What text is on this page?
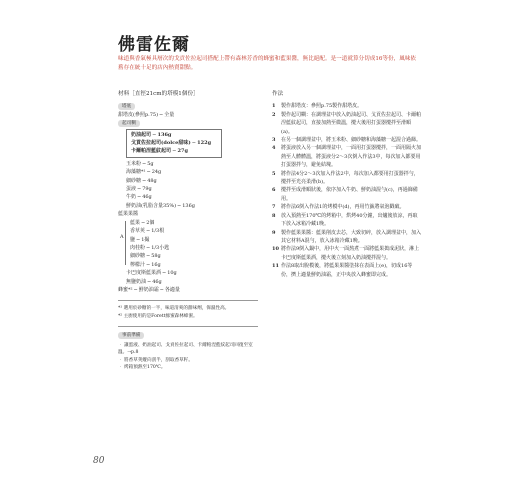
佛雷佐爾
味道與香氣極具層次的戈貢佐拉起司搭配上帶有森林芳香的蜂蜜和藍果醬，無比絕配。是一道就算分切成16等份，風味依舊存在統十足的店內熱賣甜點。
材料［直徑21cm的塔模1個份］
塔底
甜塔皮(參照p.75) ─ 全量
起司糊
奶油起司 ─ 136g
戈貢佐拉起司(dolce甜味) ─ 122g
卡爾帕涅藍紋起司 ─ 27g
玉米粉 ─ 5g
海藻糖*¹ ─ 24g
細砂糖 ─ 48g
蛋液 ─ 79g
牛奶 ─ 46g
鮮奶油(乳脂含量35%) ─ 136g
藍果果醬
A
藍果 ─ 2個
香草莢 ─ 1/3根
鹽 ─ 1撮
肉桂粉 ─ 1/3小匙
細砂糖 ─ 58g
檸檬汁 ─ 16g
卡巴度斯藍果酒 ─ 10g
無鹽奶油 ─ 46g
蜂蜜*² ─ 鮮奶油霜 ─ 各適量
*¹ 選用於砂糖的一半，味道清爽的甜味劑，保濕性高。
*² 主廚使用的是Forett綠蜜森林蜂蜜。
事前準備
‧ 讓蛋液、奶油起司、戈貢佐拉起司、卡爾帕涅藍紋起司回復至室溫。→p.8
‧ 將香草莢縱向剖半，刮取香草籽。
‧ 烤箱預熱至170℃。
作法
1	製作甜塔皮：參照p.75製作甜塔皮。
2	製作起司糊：在調理盆中放入奶油起司、戈貢佐拉起司、卡爾帕涅藍紋起司，直接加熱至微溫，攪大後用打蛋器攪拌至滑順(a)。
3	在另一個調理盆中，將玉米粉、細砂糖和海藻糖一起混合過篩。
4	將蛋液放入另一個調理盆中，一面用打蛋器攪拌，一面用隔火加熱至人體體溫，將蛋液分2～3次倒入作法3中，每次加入都要用打蛋器拌勻，避免結塊。
5	將作法4分2～3次加入作法2中，每次加入都要用打蛋器拌勻，攪拌至光亮柔滑(b)。
6	攪拌至成滑順狀後，依序加入牛奶、鮮奶油混勻(c)，再過篩備用。
7	將作法6倒入作法1的烤模中(d)，再用竹籤將氣泡戳破。
8	放入預熱至170℃的烤箱中，烘烤40分鐘，出爐後放涼，再取下放入冰箱冷藏1晚。
9	製作藍果果醬：藍果削皮去芯，大致切碎，放入調理盆中，加入其它材料A混勻，放入冰箱冷藏1晚。
10 將作法9倒入鍋中，用中火一面熬煮一面將藍果搗成泥狀，淋上卡巴度斯藍果酒，攪火後立刻加入奶油攪拌混勻。
11 作法8取出脫模後，將藍果果醬塗抹在表面上(e)，切成16等份，擠上適量鮮奶油霜，正中央放入蜂蜜即完成。
80
